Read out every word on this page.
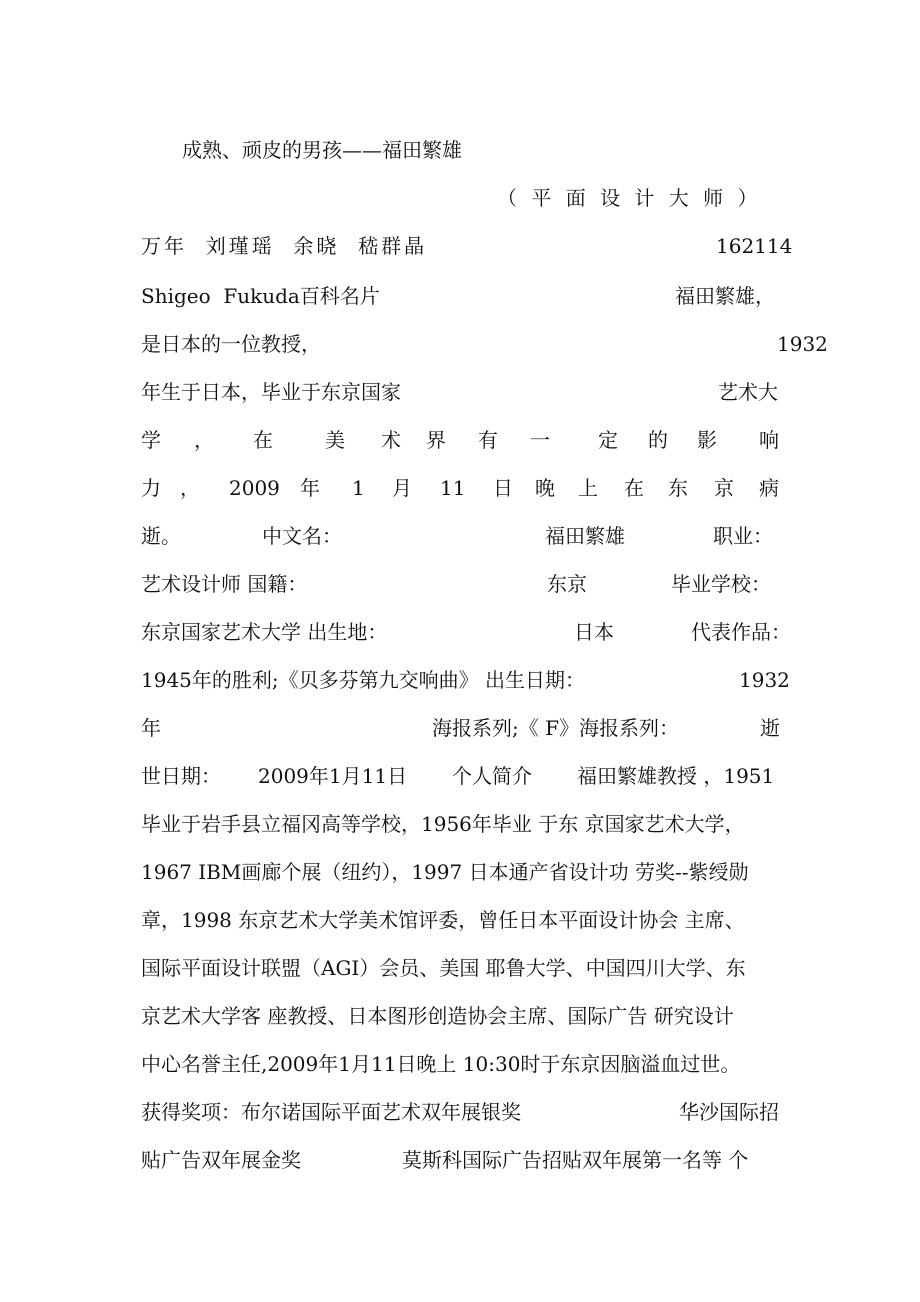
成熟、顽皮的男孩——福田繁雄

（ 平 面 设 计 大 师 ）

万年  刘瑾瑶  余晓  嵇群晶	162114

Shigeo  Fukuda百科名片	福田繁雄，

是日本的一位教授，	1932

年生于日本，毕业于东京国家	艺术大

学 ， 在	美 术 界 有 一 定 的 影 响

力 ， 2009 年 1 月 11 日 晚 上 在 东 京 病

逝。	中文名：	福田繁雄	职业：

艺术设计师 国籍：	东京	毕业学校：

东京国家艺术大学 出生地：	日本	代表作品：

1945年的胜利;《贝多芬第九交响曲》 出生日期：	1932

年	海报系列;《 F》海报系列：	逝

世日期： 2009年1月11日 个人简介 福田繁雄教授 ，1951

毕业于岩手县立福冈高等学校，1956年毕业 于东 京国家艺术大学，

1967 IBM画廊个展（纽约），1997 日本通产省设计功 劳奖--紫绶勋

章，1998 东京艺术大学美术馆评委，曾任日本平面设计协会 主席、

国际平面设计联盟（AGI）会员、美国 耶鲁大学、中国四川大学、东

京艺术大学客 座教授、日本图形创造协会主席、国际广告 研究设计

中心名誉主任,2009年1月11日晚上 10:30时于东京因脑溢血过世。

获得奖项：布尔诺国际平面艺术双年展银奖	华沙国际招

贴广告双年展金奖	莫斯科国际广告招贴双年展第一名等 个
